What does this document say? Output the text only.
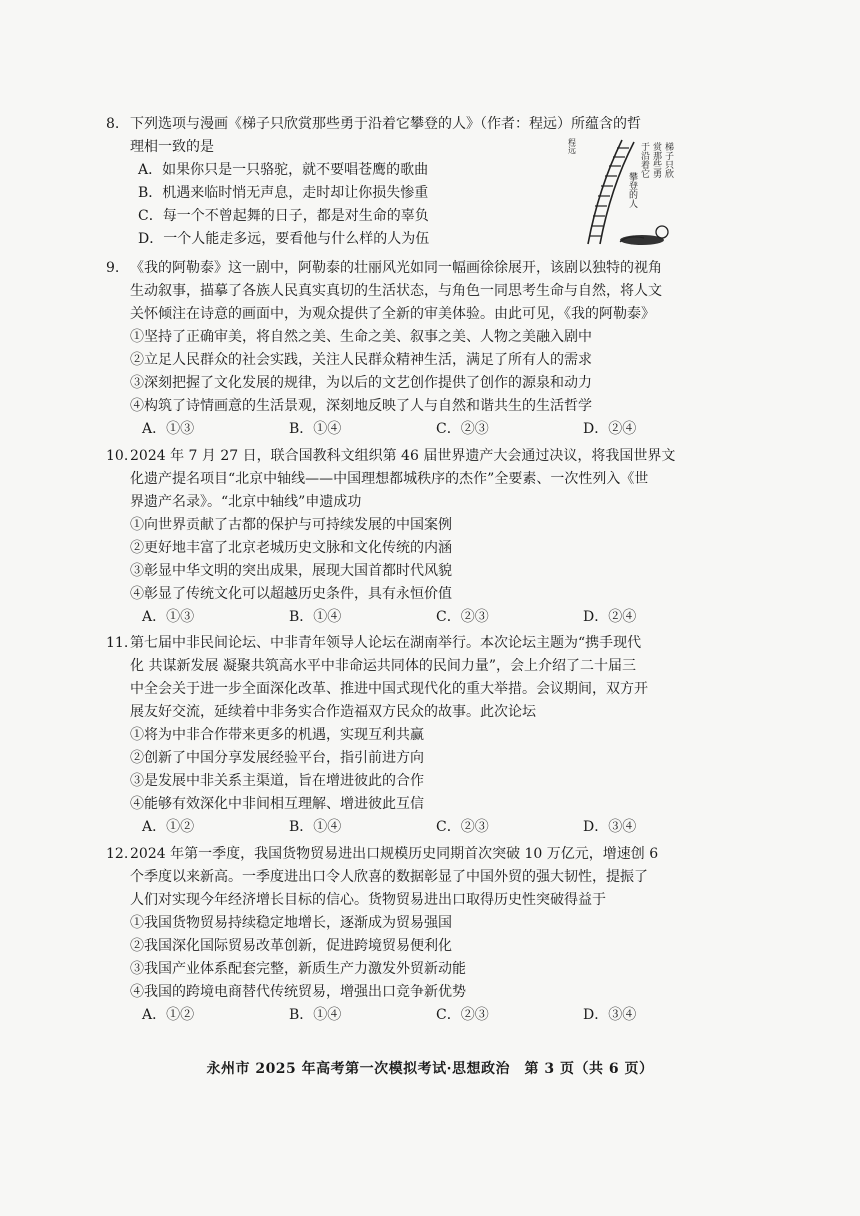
8. 下列选项与漫画《梯子只欣赏那些勇于沿着它攀登的人》（作者：程远）所蕴含的哲
理相一致的是
A．如果你只是一只骆驼，就不要唱苍鹰的歌曲
B．机遇来临时悄无声息，走时却让你损失惨重
C．每一个不曾起舞的日子，都是对生命的辜负
D．一个人能走多远，要看他与什么样的人为伍
梯子只欣
赏那些勇
于沿着它
攀登的人
程远
9. 《我的阿勒泰》这一剧中，阿勒泰的壮丽风光如同一幅画徐徐展开，该剧以独特的视角
生动叙事，描摹了各族人民真实真切的生活状态，与角色一同思考生命与自然，将人文
关怀倾注在诗意的画面中，为观众提供了全新的审美体验。由此可见，《我的阿勒泰》
①坚持了正确审美，将自然之美、生命之美、叙事之美、人物之美融入剧中
②立足人民群众的社会实践，关注人民群众精神生活，满足了所有人的需求
③深刻把握了文化发展的规律，为以后的文艺创作提供了创作的源泉和动力
④构筑了诗情画意的生活景观，深刻地反映了人与自然和谐共生的生活哲学
A．①③	B．①④	C．②③	D．②④
10. 2024 年 7 月 27 日，联合国教科文组织第 46 届世界遗产大会通过决议，将我国世界文
化遗产提名项目“北京中轴线——中国理想都城秩序的杰作”全要素、一次性列入《世
界遗产名录》。“北京中轴线”申遗成功
①向世界贡献了古都的保护与可持续发展的中国案例
②更好地丰富了北京老城历史文脉和文化传统的内涵
③彰显中华文明的突出成果，展现大国首都时代风貌
④彰显了传统文化可以超越历史条件，具有永恒价值
A．①③	B．①④	C．②③	D．②④
11. 第七届中非民间论坛、中非青年领导人论坛在湖南举行。本次论坛主题为“携手现代
化 共谋新发展 凝聚共筑高水平中非命运共同体的民间力量”，会上介绍了二十届三
中全会关于进一步全面深化改革、推进中国式现代化的重大举措。会议期间，双方开
展友好交流，延续着中非务实合作造福双方民众的故事。此次论坛
①将为中非合作带来更多的机遇，实现互利共赢
②创新了中国分享发展经验平台，指引前进方向
③是发展中非关系主渠道，旨在增进彼此的合作
④能够有效深化中非间相互理解、增进彼此互信
A．①②	B．①④	C．②③	D．③④
12. 2024 年第一季度，我国货物贸易进出口规模历史同期首次突破 10 万亿元，增速创 6
个季度以来新高。一季度进出口令人欣喜的数据彰显了中国外贸的强大韧性，提振了
人们对实现今年经济增长目标的信心。货物贸易进出口取得历史性突破得益于
①我国货物贸易持续稳定地增长，逐渐成为贸易强国
②我国深化国际贸易改革创新，促进跨境贸易便利化
③我国产业体系配套完整，新质生产力激发外贸新动能
④我国的跨境电商替代传统贸易，增强出口竞争新优势
A．①②	B．①④	C．②③	D．③④
永州市 2025 年高考第一次模拟考试·思想政治　第 3 页（共 6 页）
